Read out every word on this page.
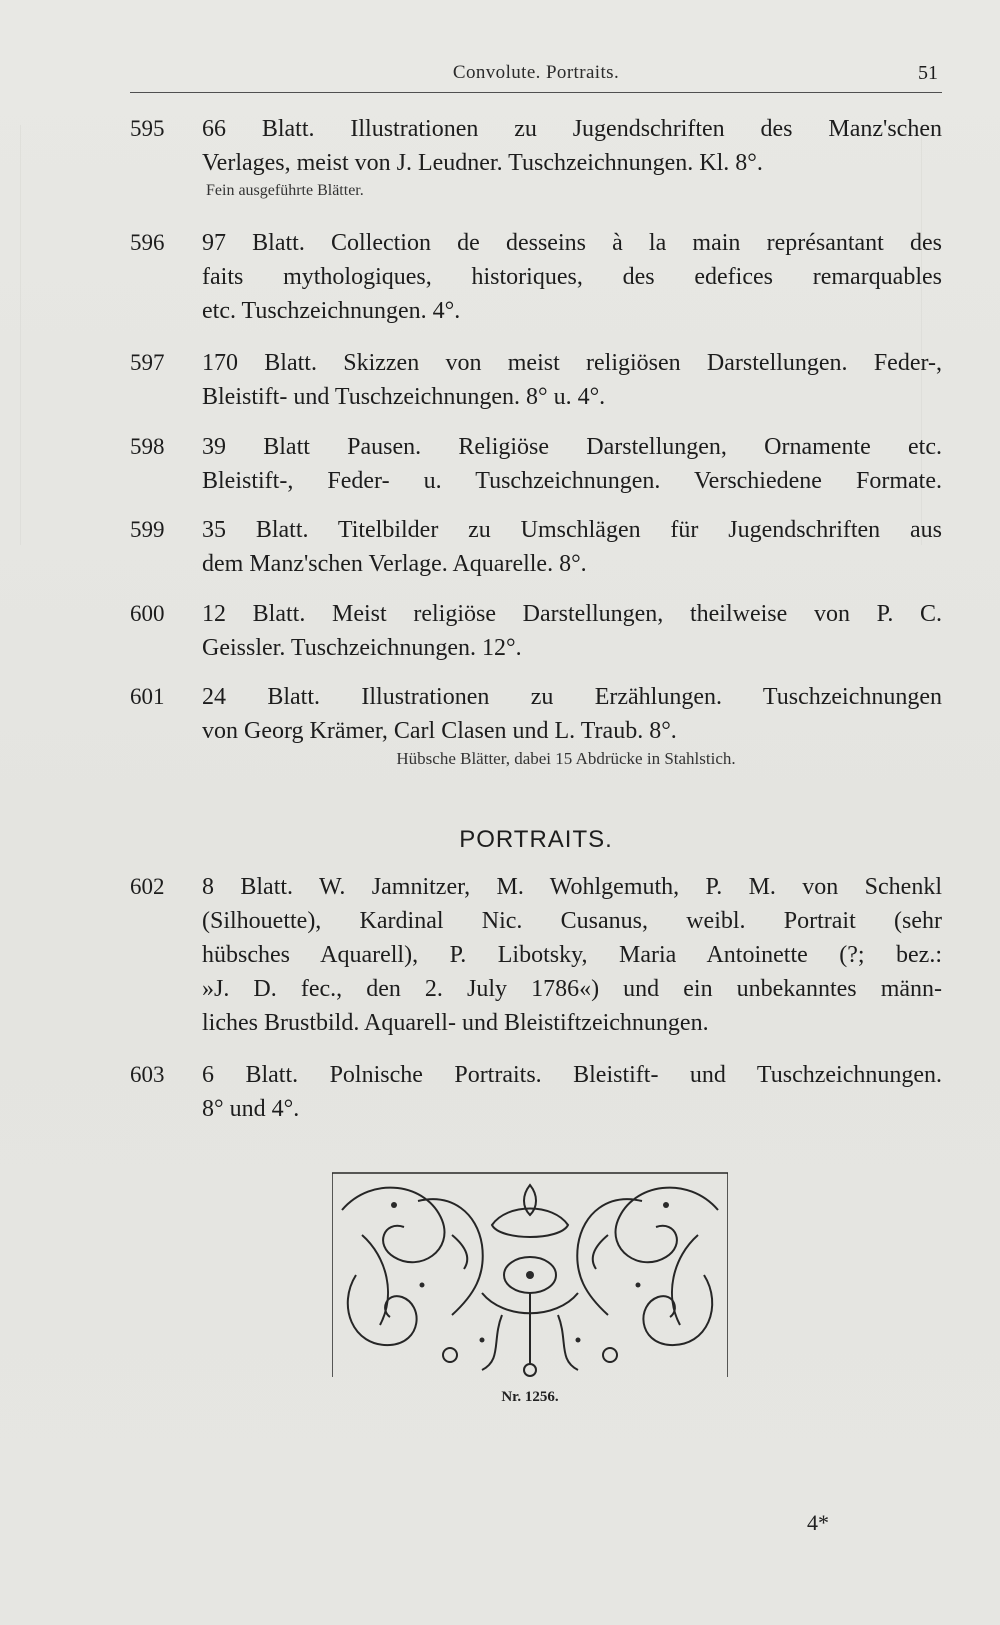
Convolute. Portraits.	51
595	66 Blatt. Illustrationen zu Jugendschriften des Manz'schen
Verlages, meist von J. Leudner. Tuschzeichnungen. Kl. 8°.
Fein ausgeführte Blätter.
596	97 Blatt. Collection de desseins à la main représantant des
faits mythologiques, historiques, des edefices remarquables
etc. Tuschzeichnungen. 4°.
597	170 Blatt. Skizzen von meist religiösen Darstellungen. Feder-,
Bleistift- und Tuschzeichnungen. 8° u. 4°.
598	39 Blatt Pausen. Religiöse Darstellungen, Ornamente etc.
Bleistift-, Feder- u. Tuschzeichnungen. Verschiedene Formate.
599	35 Blatt. Titelbilder zu Umschlägen für Jugendschriften aus
dem Manz'schen Verlage. Aquarelle. 8°.
600	12 Blatt. Meist religiöse Darstellungen, theilweise von P. C.
Geissler. Tuschzeichnungen. 12°.
601	24 Blatt. Illustrationen zu Erzählungen. Tuschzeichnungen
von Georg Krämer, Carl Clasen und L. Traub. 8°.
Hübsche Blätter, dabei 15 Abdrücke in Stahlstich.
PORTRAITS.
602	8 Blatt. W. Jamnitzer, M. Wohlgemuth, P. M. von Schenkl
(Silhouette), Kardinal Nic. Cusanus, weibl. Portrait (sehr
hübsches Aquarell), P. Libotsky, Maria Antoinette (?; bez.:
»J. D. fec., den 2. July 1786«) und ein unbekanntes männ-
liches Brustbild. Aquarell- und Bleistiftzeichnungen.
603	6 Blatt. Polnische Portraits. Bleistift- und Tuschzeichnungen.
8° und 4°.
Nr. 1256.
4*
